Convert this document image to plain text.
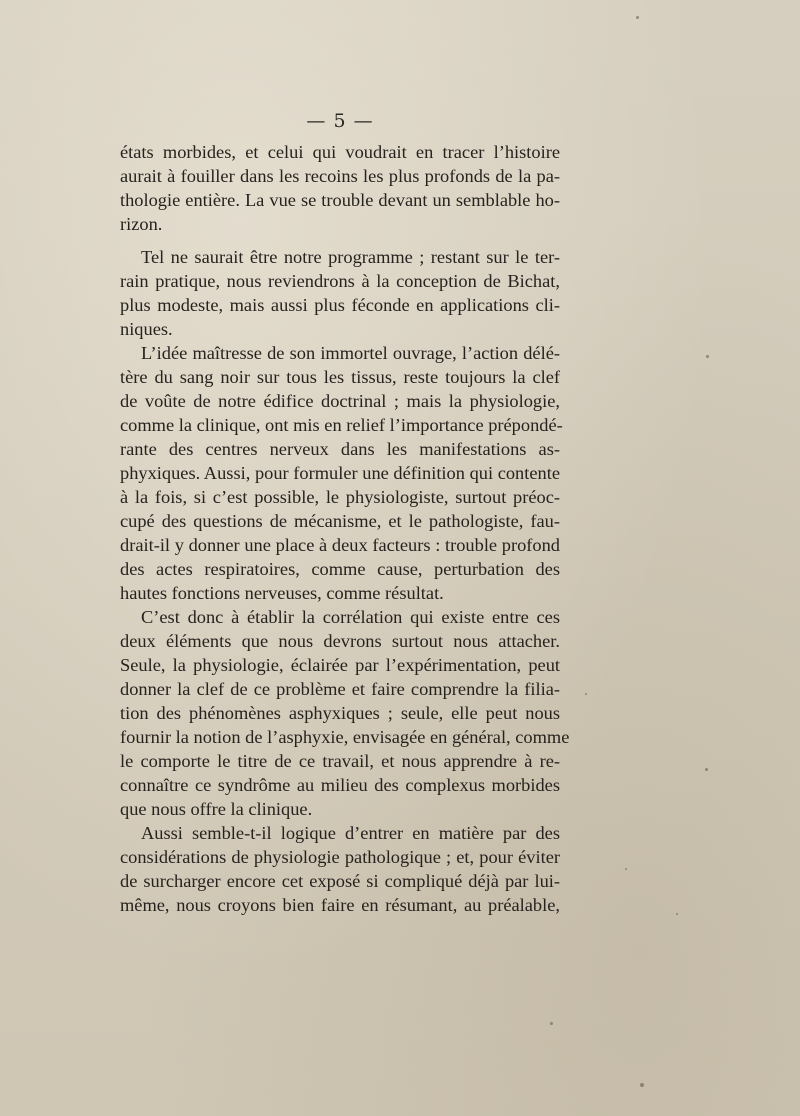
— 5 —
états morbides, et celui qui voudrait en tracer l’histoire
aurait à fouiller dans les recoins les plus profonds de la pa-
thologie entière. La vue se trouble devant un semblable ho-
rizon.
Tel ne saurait être notre programme ; restant sur le ter-
rain pratique, nous reviendrons à la conception de Bichat,
plus modeste, mais aussi plus féconde en applications cli-
niques.
L’idée maîtresse de son immortel ouvrage, l’action délé-
tère du sang noir sur tous les tissus, reste toujours la clef
de voûte de notre édifice doctrinal ; mais la physiologie,
comme la clinique, ont mis en relief l’importance prépondé-
rante des centres nerveux dans les manifestations as-
phyxiques. Aussi, pour formuler une définition qui contente
à la fois, si c’est possible, le physiologiste, surtout préoc-
cupé des questions de mécanisme, et le pathologiste, fau-
drait-il y donner une place à deux facteurs : trouble profond
des actes respiratoires, comme cause, perturbation des
hautes fonctions nerveuses, comme résultat.
C’est donc à établir la corrélation qui existe entre ces
deux éléments que nous devrons surtout nous attacher.
Seule, la physiologie, éclairée par l’expérimentation, peut
donner la clef de ce problème et faire comprendre la filia-
tion des phénomènes asphyxiques ; seule, elle peut nous
fournir la notion de l’asphyxie, envisagée en général, comme
le comporte le titre de ce travail, et nous apprendre à re-
connaître ce syndrôme au milieu des complexus morbides
que nous offre la clinique.
Aussi semble-t-il logique d’entrer en matière par des
considérations de physiologie pathologique ; et, pour éviter
de surcharger encore cet exposé si compliqué déjà par lui-
même, nous croyons bien faire en résumant, au préalable,
